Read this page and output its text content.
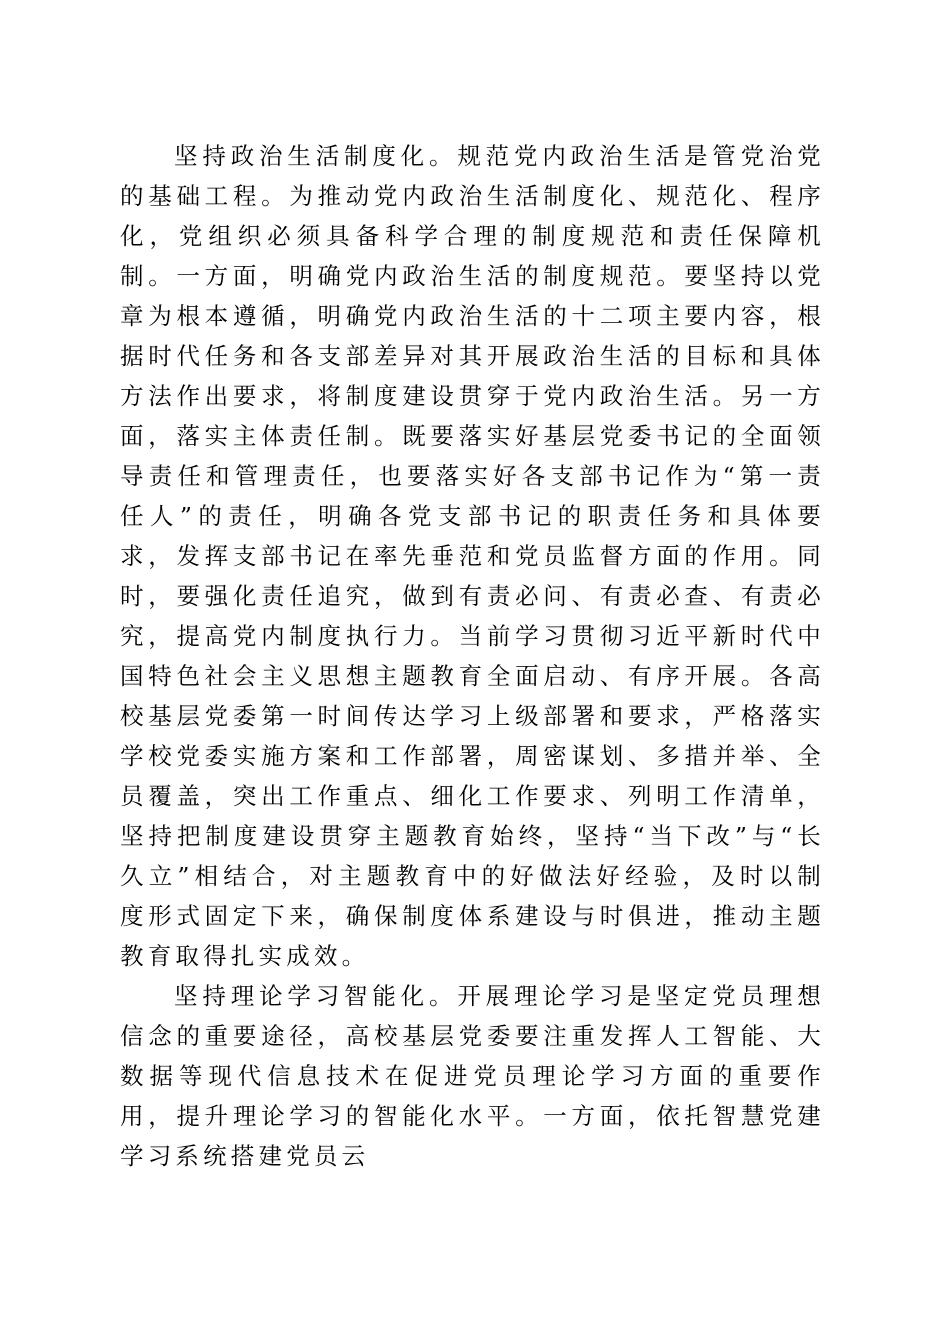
坚持政治生活制度化。规范党内政治生活是管党治党的基础工程。为推动党内政治生活制度化、规范化、程序化，党组织必须具备科学合理的制度规范和责任保障机制。一方面，明确党内政治生活的制度规范。要坚持以党章为根本遵循，明确党内政治生活的十二项主要内容，根据时代任务和各支部差异对其开展政治生活的目标和具体方法作出要求，将制度建设贯穿于党内政治生活。另一方面，落实主体责任制。既要落实好基层党委书记的全面领导责任和管理责任，也要落实好各支部书记作为“第一责任人”的责任，明确各党支部书记的职责任务和具体要求，发挥支部书记在率先垂范和党员监督方面的作用。同时，要强化责任追究，做到有责必问、有责必查、有责必究，提高党内制度执行力。当前学习贯彻习近平新时代中国特色社会主义思想主题教育全面启动、有序开展。各高校基层党委第一时间传达学习上级部署和要求，严格落实学校党委实施方案和工作部署，周密谋划、多措并举、全员覆盖，突出工作重点、细化工作要求、列明工作清单，坚持把制度建设贯穿主题教育始终，坚持“当下改”与“长久立”相结合，对主题教育中的好做法好经验，及时以制度形式固定下来，确保制度体系建设与时俱进，推动主题教育取得扎实成效。

坚持理论学习智能化。开展理论学习是坚定党员理想信念的重要途径，高校基层党委要注重发挥人工智能、大数据等现代信息技术在促进党员理论学习方面的重要作用，提升理论学习的智能化水平。一方面，依托智慧党建学习系统搭建党员云
